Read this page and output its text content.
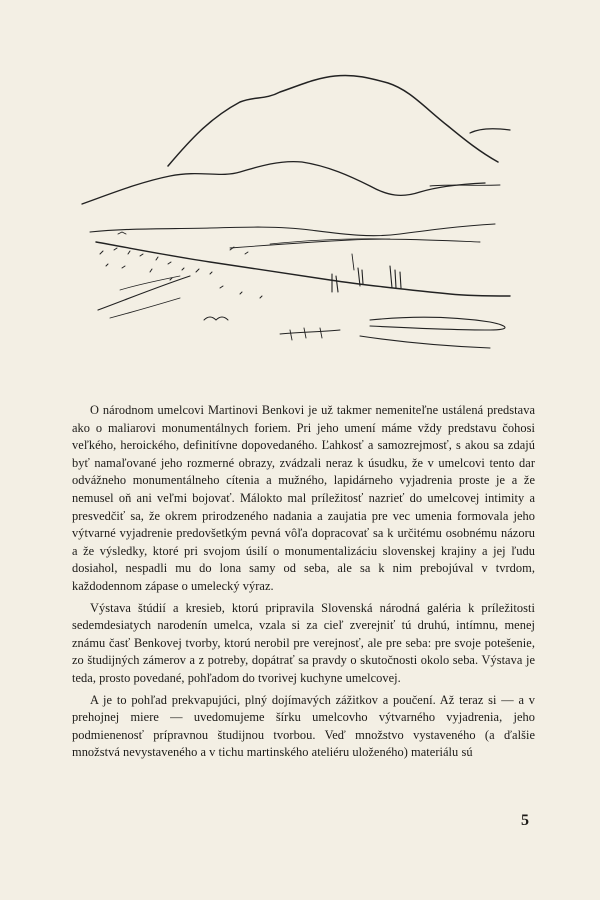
O národnom umelcovi Martinovi Benkovi je už takmer nemeniteľne ustálená predstava ako o maliarovi monumentálnych foriem. Pri jeho umení máme vždy predstavu čohosi veľkého, heroického, definitívne dopovedaného. Ľahkosť a samozrejmosť, s akou sa zdajú byť namaľované jeho rozmerné obrazy, zvádzali neraz k úsudku, že v umelcovi tento dar odvážneho monumentálneho cítenia a mužného, lapidárneho vyjadrenia proste je a že nemusel oň ani veľmi bojovať. Málokto mal príležitosť nazrieť do umelcovej intimity a presvedčiť sa, že okrem prirodzeného nadania a zaujatia pre vec umenia formovala jeho výtvarné vyjadrenie predovšetkým pevná vôľa dopracovať sa k určitému osobnému názoru a že výsledky, ktoré pri svojom úsilí o monumentalizáciu slovenskej krajiny a jej ľudu dosiahol, nespadli mu do lona samy od seba, ale sa k nim prebojúval v tvrdom, každodennom zápase o umelecký výraz.

Výstava štúdií a kresieb, ktorú pripravila Slovenská národná galéria k príležitosti sedemdesiatych narodenín umelca, vzala si za cieľ zverejniť tú druhú, intímnu, menej známu časť Benkovej tvorby, ktorú nerobil pre verejnosť, ale pre seba: pre svoje potešenie, zo študijných zámerov a z potreby, dopátrať sa pravdy o skutočnosti okolo seba. Výstava je teda, prosto povedané, pohľadom do tvorivej kuchyne umelcovej.

A je to pohľad prekvapujúci, plný dojímavých zážitkov a poučení. Až teraz si — a v prehojnej miere — uvedomujeme šírku umelcovho výtvarného vyjadrenia, jeho podmienenosť prípravnou študijnou tvorbou. Veď množstvo vystaveného (a ďalšie množstvá nevystaveného a v tichu martinského ateliéru uloženého) materiálu sú

5
